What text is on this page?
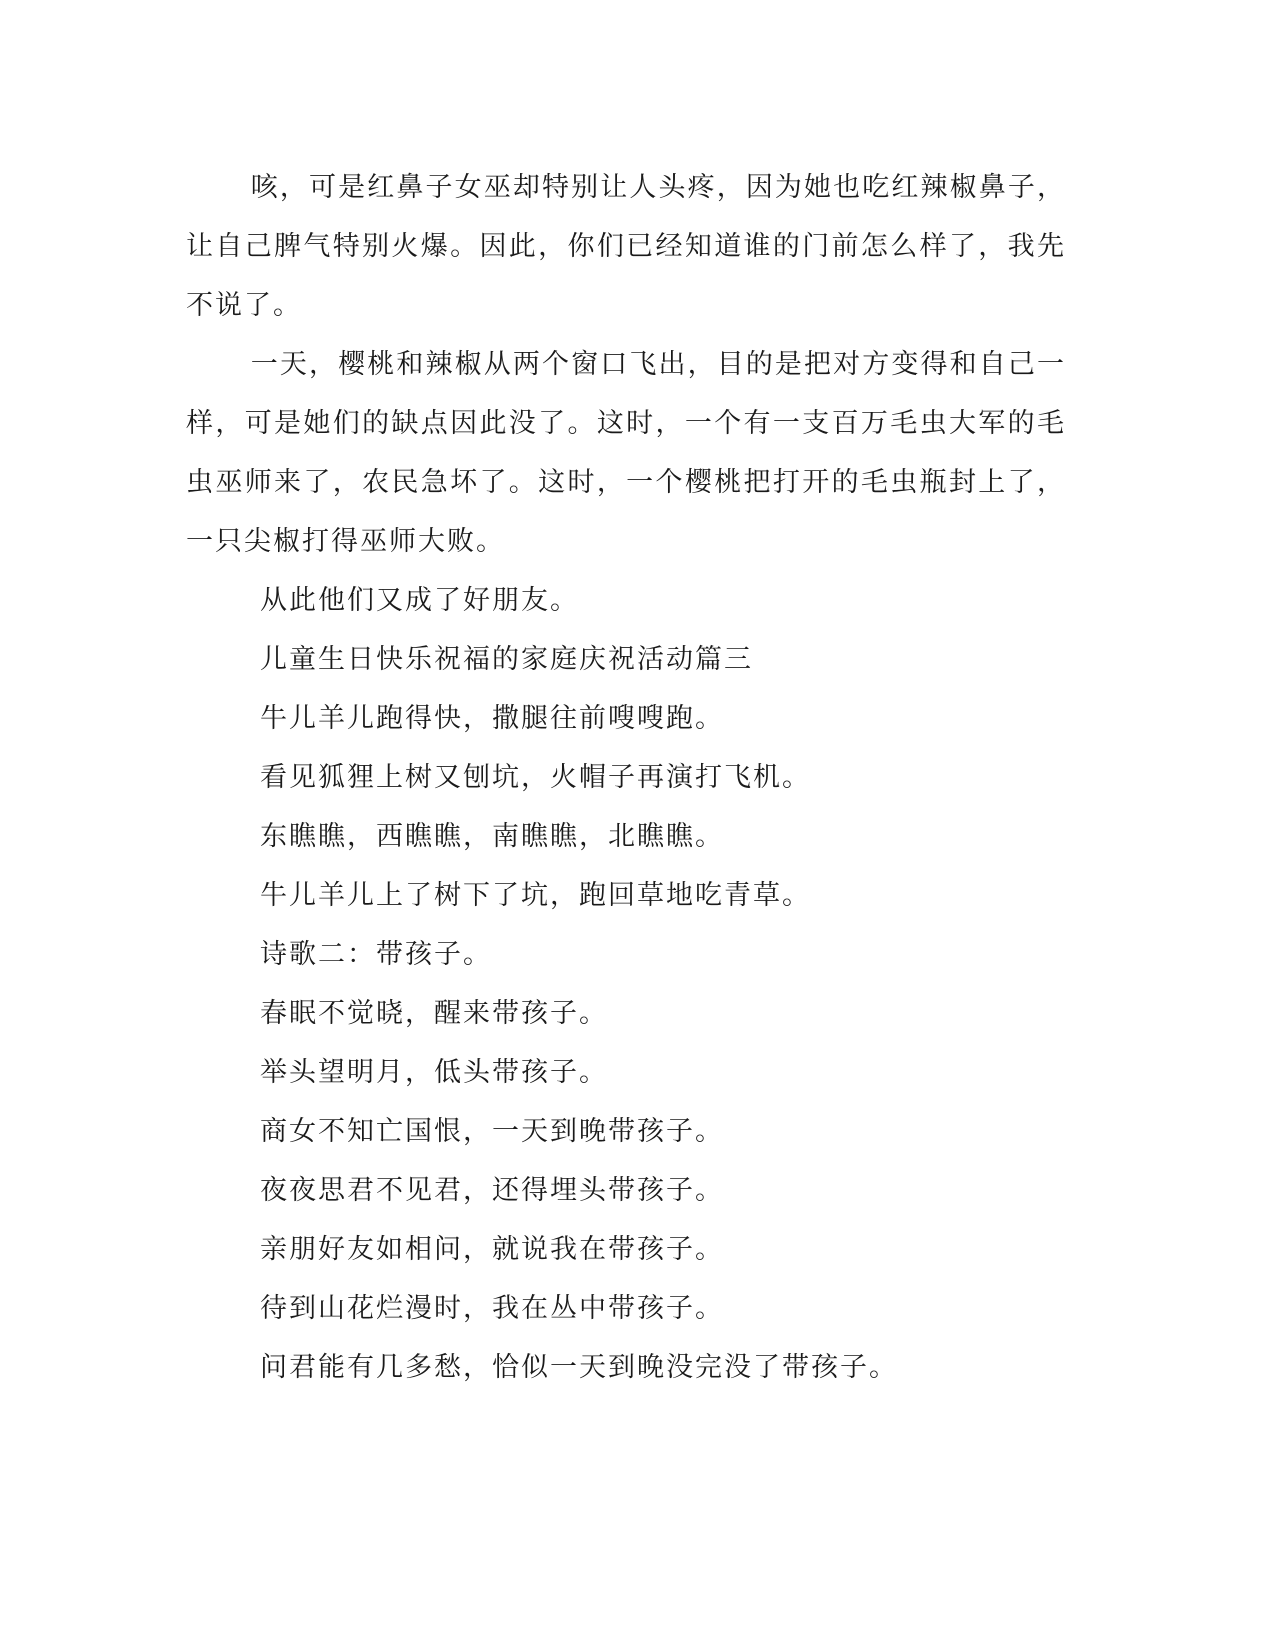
咳，可是红鼻子女巫却特别让人头疼，因为她也吃红辣椒鼻子，让自己脾气特别火爆。因此，你们已经知道谁的门前怎么样了，我先不说了。

一天，樱桃和辣椒从两个窗口飞出，目的是把对方变得和自己一样，可是她们的缺点因此没了。这时，一个有一支百万毛虫大军的毛虫巫师来了，农民急坏了。这时，一个樱桃把打开的毛虫瓶封上了，一只尖椒打得巫师大败。

从此他们又成了好朋友。

儿童生日快乐祝福的家庭庆祝活动篇三

牛儿羊儿跑得快，撒腿往前嗖嗖跑。

看见狐狸上树又刨坑，火帽子再演打飞机。

东瞧瞧，西瞧瞧，南瞧瞧，北瞧瞧。

牛儿羊儿上了树下了坑，跑回草地吃青草。

诗歌二：带孩子。

春眠不觉晓，醒来带孩子。

举头望明月，低头带孩子。

商女不知亡国恨，一天到晚带孩子。

夜夜思君不见君，还得埋头带孩子。

亲朋好友如相问，就说我在带孩子。

待到山花烂漫时，我在丛中带孩子。

问君能有几多愁，恰似一天到晚没完没了带孩子。
